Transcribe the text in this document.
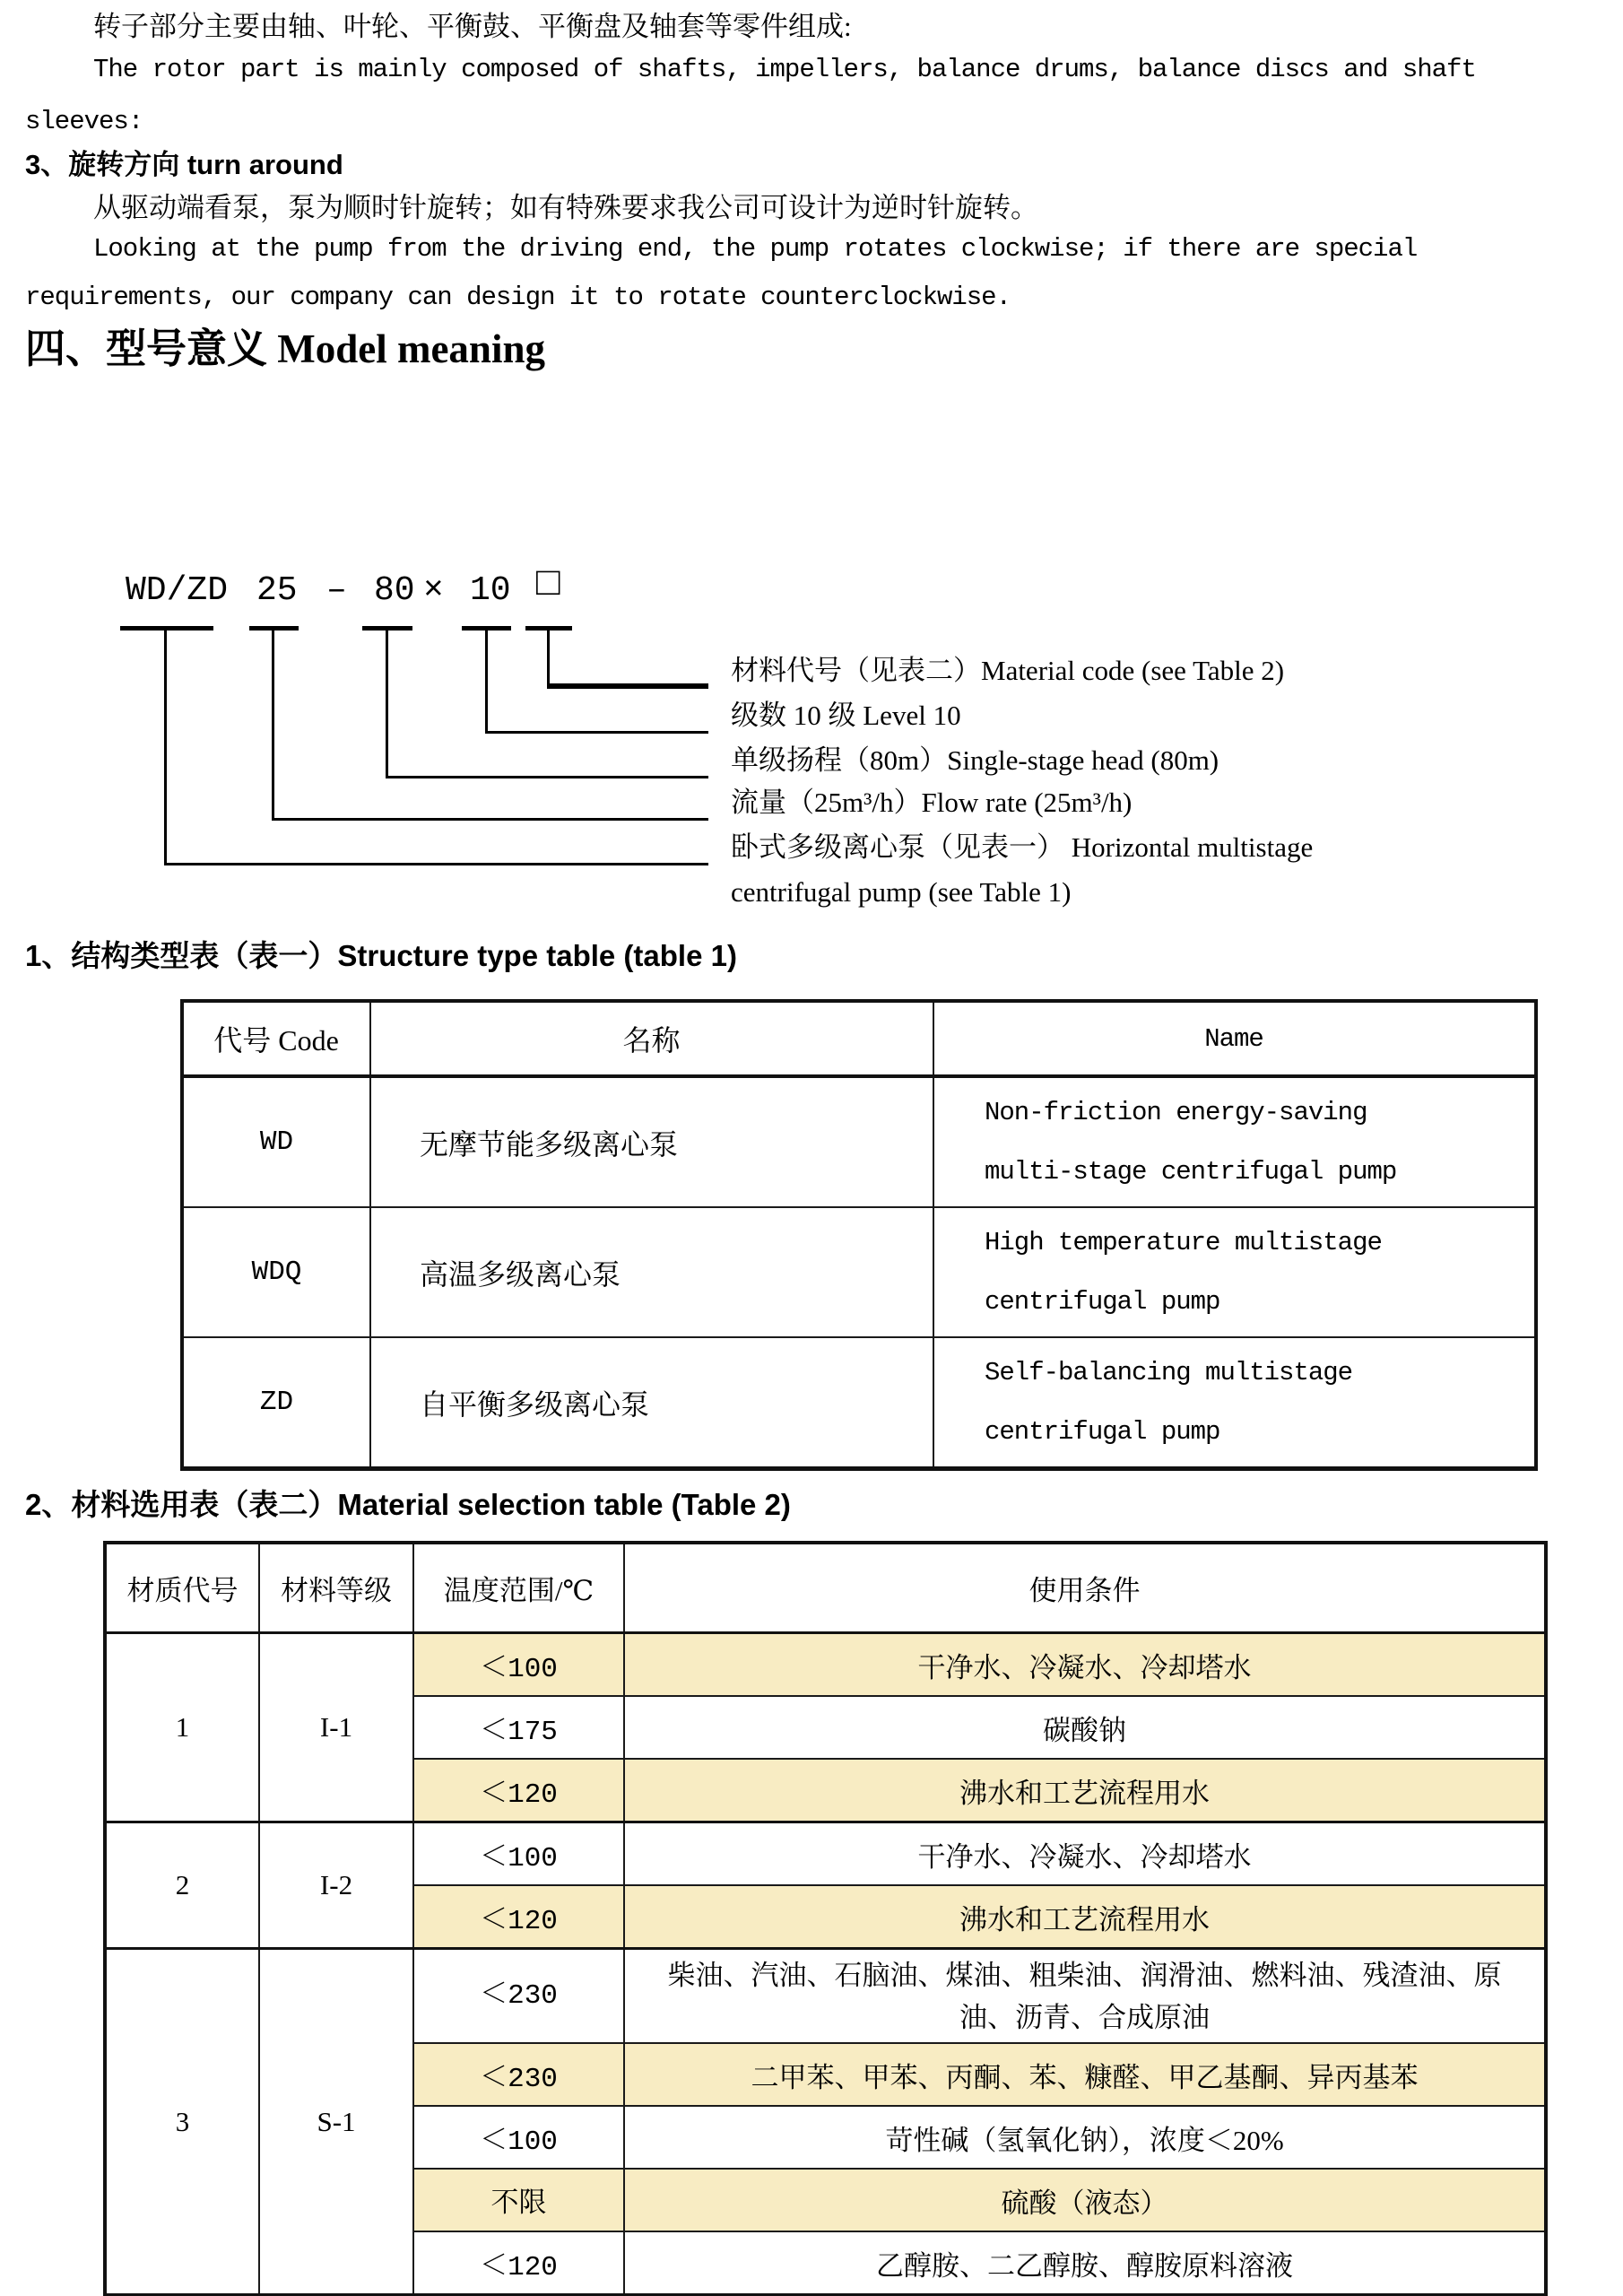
转子部分主要由轴、叶轮、平衡鼓、平衡盘及轴套等零件组成:
The rotor part is mainly composed of shafts, impellers, balance drums, balance discs and shaft
sleeves:
3、旋转方向 turn around
从驱动端看泵，泵为顺时针旋转；如有特殊要求我公司可设计为逆时针旋转。
Looking at the pump from the driving end, the pump rotates clockwise; if there are special
requirements, our company can design it to rotate counterclockwise.
四、型号意义 Model meaning
WD/ZD 25 – 80 × 10 □
材料代号（见表二）Material code (see Table 2)
级数 10 级 Level 10
单级扬程（80m）Single-stage head (80m)
流量（25m³/h）Flow rate (25m³/h)
卧式多级离心泵（见表一） Horizontal multistage
centrifugal pump (see Table 1)
1、结构类型表（表一）Structure type table (table 1)
代号 Code	名称	Name
WD	无摩节能多级离心泵	Non-friction energy-saving
multi-stage centrifugal pump

WDQ	高温多级离心泵	High temperature multistage
centrifugal pump

ZD	自平衡多级离心泵	Self-balancing multistage
centrifugal pump
2、材料选用表（表二）Material selection table (Table 2)
材质代号	材料等级	温度范围/℃	使用条件
1	I-1	＜100	干净水、冷凝水、冷却塔水
		＜175	碳酸钠
		＜120	沸水和工艺流程用水
2	I-2	＜100	干净水、冷凝水、冷却塔水
		＜120	沸水和工艺流程用水
3	S-1	＜230	柴油、汽油、石脑油、煤油、粗柴油、润滑油、燃料油、残渣油、原油、沥青、合成原油
		＜230	二甲苯、甲苯、丙酮、苯、糠醛、甲乙基酮、异丙基苯
		＜100	苛性碱（氢氧化钠），浓度＜20%
		不限	硫酸（液态）
		＜120	乙醇胺、二乙醇胺、醇胺原料溶液
